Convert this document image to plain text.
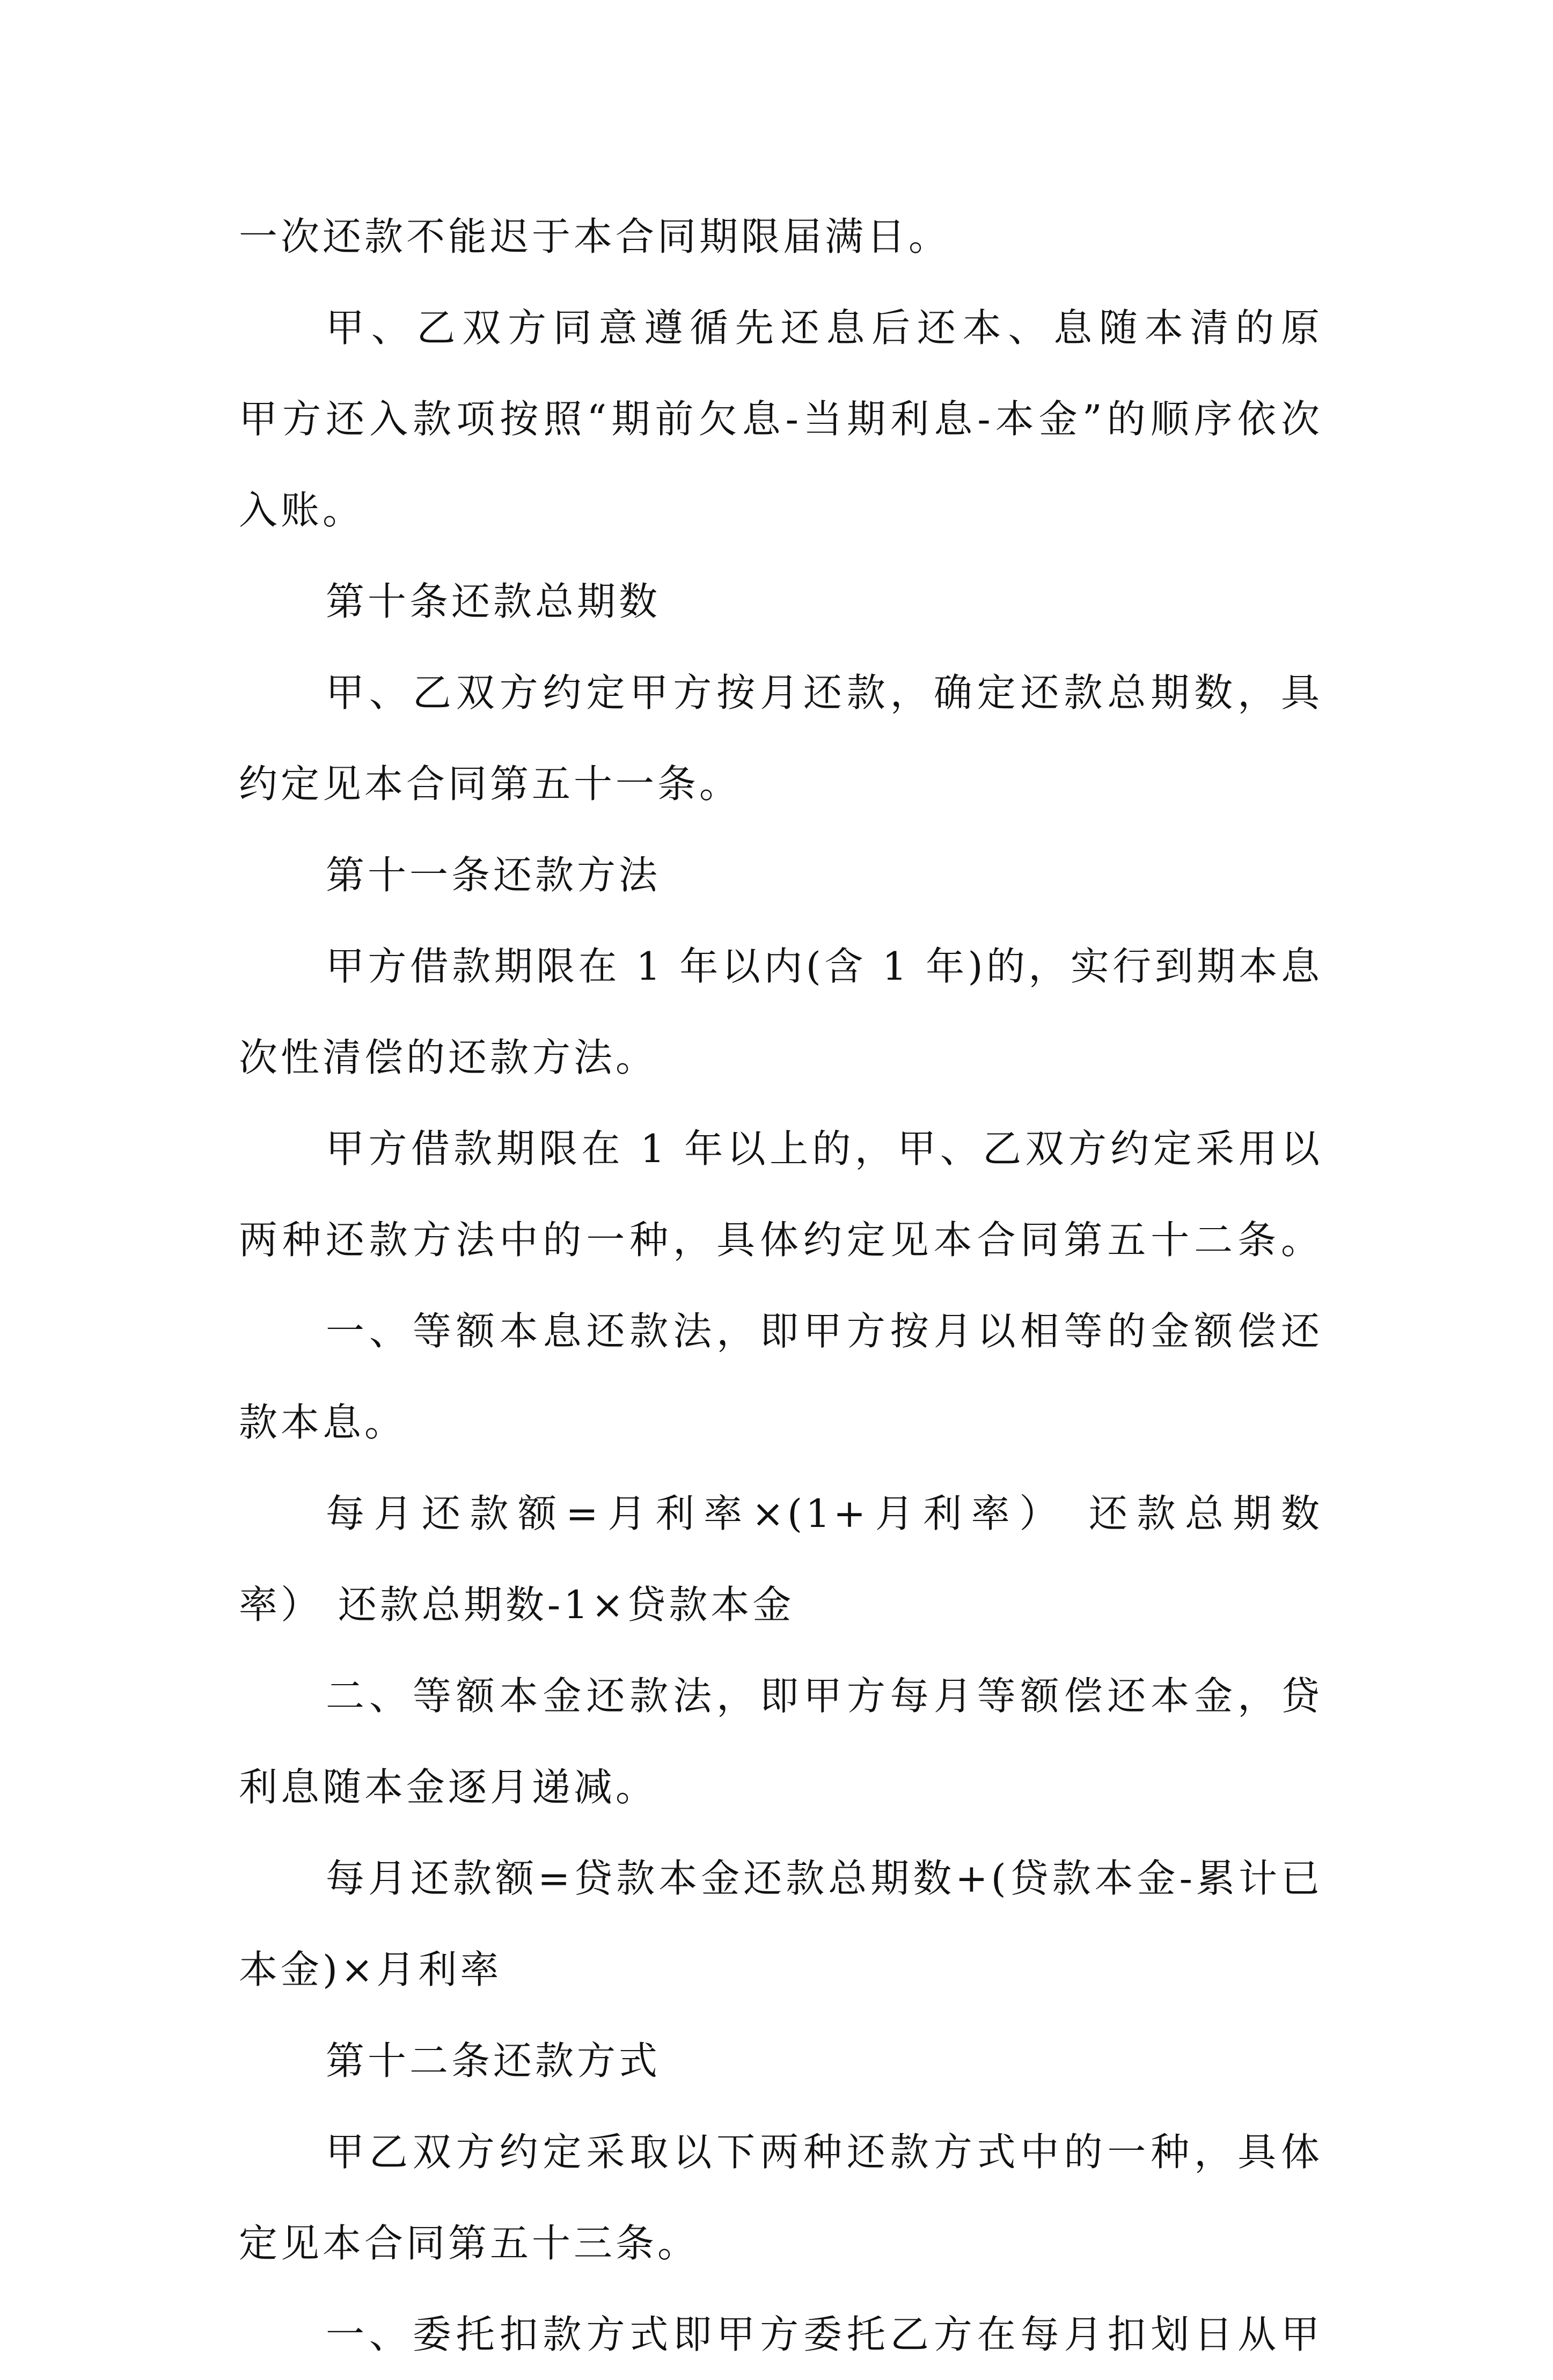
一次还款不能迟于本合同期限届满日。
甲、乙双方同意遵循先还息后还本、息随本清的原
甲方还入款项按照“期前欠息-当期利息-本金”的顺序依次
入账。
第十条还款总期数
甲、乙双方约定甲方按月还款，确定还款总期数，具
约定见本合同第五十一条。
第十一条还款方法
甲方借款期限在 1 年以内(含 1 年)的，实行到期本息
次性清偿的还款方法。
甲方借款期限在 1 年以上的，甲、乙双方约定采用以
两种还款方法中的一种，具体约定见本合同第五十二条。
一、等额本息还款法，即甲方按月以相等的金额偿还
款本息。
每月还款额=月利率×(1+月利率） 还款总期数
率） 还款总期数-1×贷款本金
二、等额本金还款法，即甲方每月等额偿还本金，贷
利息随本金逐月递减。
每月还款额=贷款本金还款总期数+(贷款本金-累计已
本金)×月利率
第十二条还款方式
甲乙双方约定采取以下两种还款方式中的一种，具体
定见本合同第五十三条。
一、委托扣款方式即甲方委托乙方在每月扣划日从甲
